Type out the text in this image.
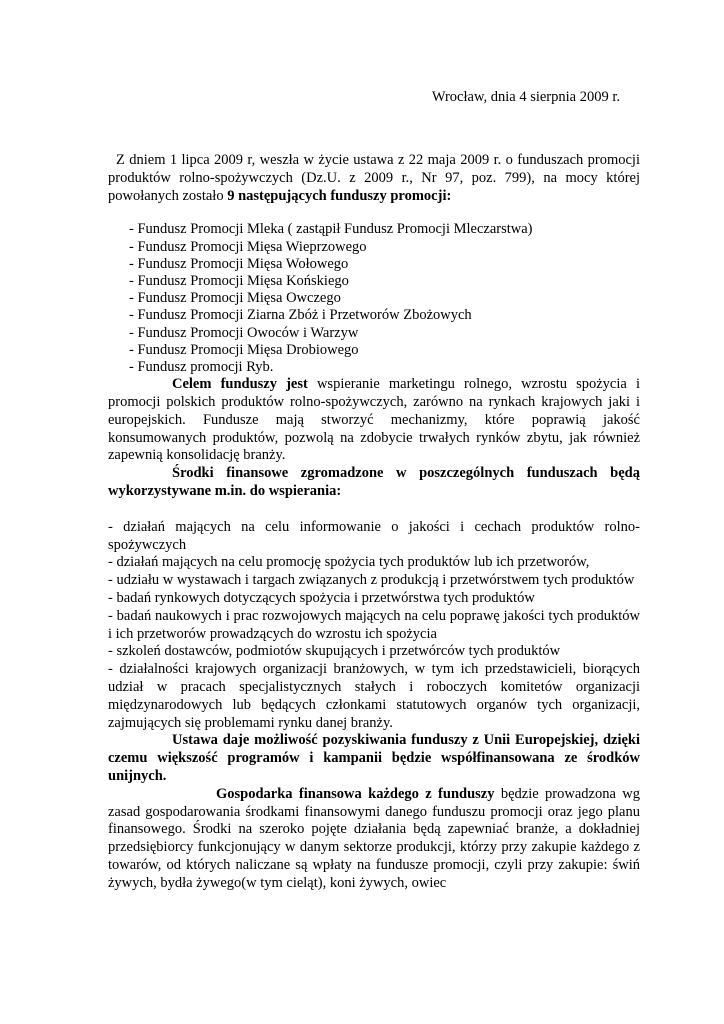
Wrocław, dnia 4 sierpnia 2009 r.

Z dniem 1 lipca 2009 r, weszła w życie ustawa z 22 maja 2009 r. o funduszach promocji produktów rolno-spożywczych (Dz.U. z 2009 r., Nr 97, poz. 799), na mocy której powołanych zostało 9 następujących funduszy promocji:

- Fundusz Promocji Mleka ( zastąpił Fundusz Promocji Mleczarstwa)
- Fundusz Promocji Mięsa Wieprzowego
- Fundusz Promocji Mięsa Wołowego
- Fundusz Promocji Mięsa Końskiego
- Fundusz Promocji Mięsa Owczego
- Fundusz Promocji Ziarna Zbóż i Przetworów Zbożowych
- Fundusz Promocji Owoców i Warzyw
- Fundusz Promocji Mięsa Drobiowego
- Fundusz promocji Ryb.

Celem funduszy jest wspieranie marketingu rolnego, wzrostu spożycia i promocji polskich produktów rolno-spożywczych, zarówno na rynkach krajowych jaki i europejskich. Fundusze mają stworzyć mechanizmy, które poprawią jakość konsumowanych produktów, pozwolą na zdobycie trwałych rynków zbytu, jak również zapewnią konsolidację branży.

Środki finansowe zgromadzone w poszczególnych funduszach będą wykorzystywane m.in. do wspierania:

- działań mających na celu informowanie o jakości i cechach produktów rolno-spożywczych
- działań mających na celu promocję spożycia tych produktów lub ich przetworów,
- udziału w wystawach i targach związanych z produkcją i przetwórstwem tych produktów
- badań rynkowych dotyczących spożycia i przetwórstwa tych produktów
- badań naukowych i prac rozwojowych mających na celu poprawę jakości tych produktów i ich przetworów prowadzących do wzrostu ich spożycia
- szkoleń dostawców, podmiotów skupujących i przetwórców tych produktów
- działalności krajowych organizacji branżowych, w tym ich przedstawicieli, biorących udział w pracach specjalistycznych stałych i roboczych komitetów organizacji międzynarodowych lub będących członkami statutowych organów tych organizacji, zajmujących się problemami rynku danej branży.

Ustawa daje możliwość pozyskiwania funduszy z Unii Europejskiej, dzięki czemu większość programów i kampanii będzie współfinansowana ze środków unijnych.

Gospodarka finansowa każdego z funduszy będzie prowadzona wg zasad gospodarowania środkami finansowymi danego funduszu promocji oraz jego planu finansowego. Środki na szeroko pojęte działania będą zapewniać branże, a dokładniej przedsiębiorcy funkcjonujący w danym sektorze produkcji, którzy przy zakupie każdego z towarów, od których naliczane są wpłaty na fundusze promocji, czyli przy zakupie: świń żywych, bydła żywego(w tym cieląt), koni żywych, owiec
